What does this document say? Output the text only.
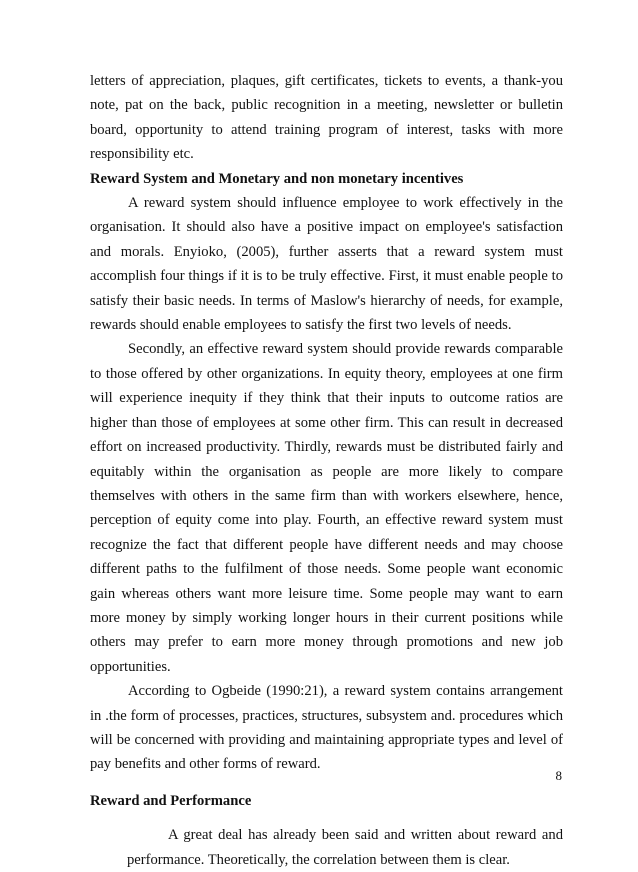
letters of appreciation, plaques, gift certificates, tickets to events, a thank-you note, pat on the back, public recognition in a meeting, newsletter or bulletin board, opportunity to attend training program of interest, tasks with more responsibility etc.

Reward System and Monetary and non monetary incentives

A reward system should influence employee to work effectively in the organisation. It should also have a positive impact on employee's satisfaction and morals. Enyioko, (2005), further asserts that a reward system must accomplish four things if it is to be truly effective. First, it must enable people to satisfy their basic needs. In terms of Maslow's hierarchy of needs, for example, rewards should enable employees to satisfy the first two levels of needs.

Secondly, an effective reward system should provide rewards comparable to those offered by other organizations. In equity theory, employees at one firm will experience inequity if they think that their inputs to outcome ratios are higher than those of employees at some other firm. This can result in decreased effort on increased productivity. Thirdly, rewards must be distributed fairly and equitably within the organisation as people are more likely to compare themselves with others in the same firm than with workers elsewhere, hence, perception of equity come into play. Fourth, an effective reward system must recognize the fact that different people have different needs and may choose different paths to the fulfilment of those needs. Some people want economic gain whereas others want more leisure time. Some people may want to earn more money by simply working longer hours in their current positions while others may prefer to earn more money through promotions and new job opportunities.

According to Ogbeide (1990:21), a reward system contains arrangement in .the form of processes, practices, structures, subsystem and. procedures which will be concerned with providing and maintaining appropriate types and level of pay benefits and other forms of reward.

Reward and Performance

A great deal has already been said and written about reward and performance. Theoretically, the correlation between them is clear.

8
